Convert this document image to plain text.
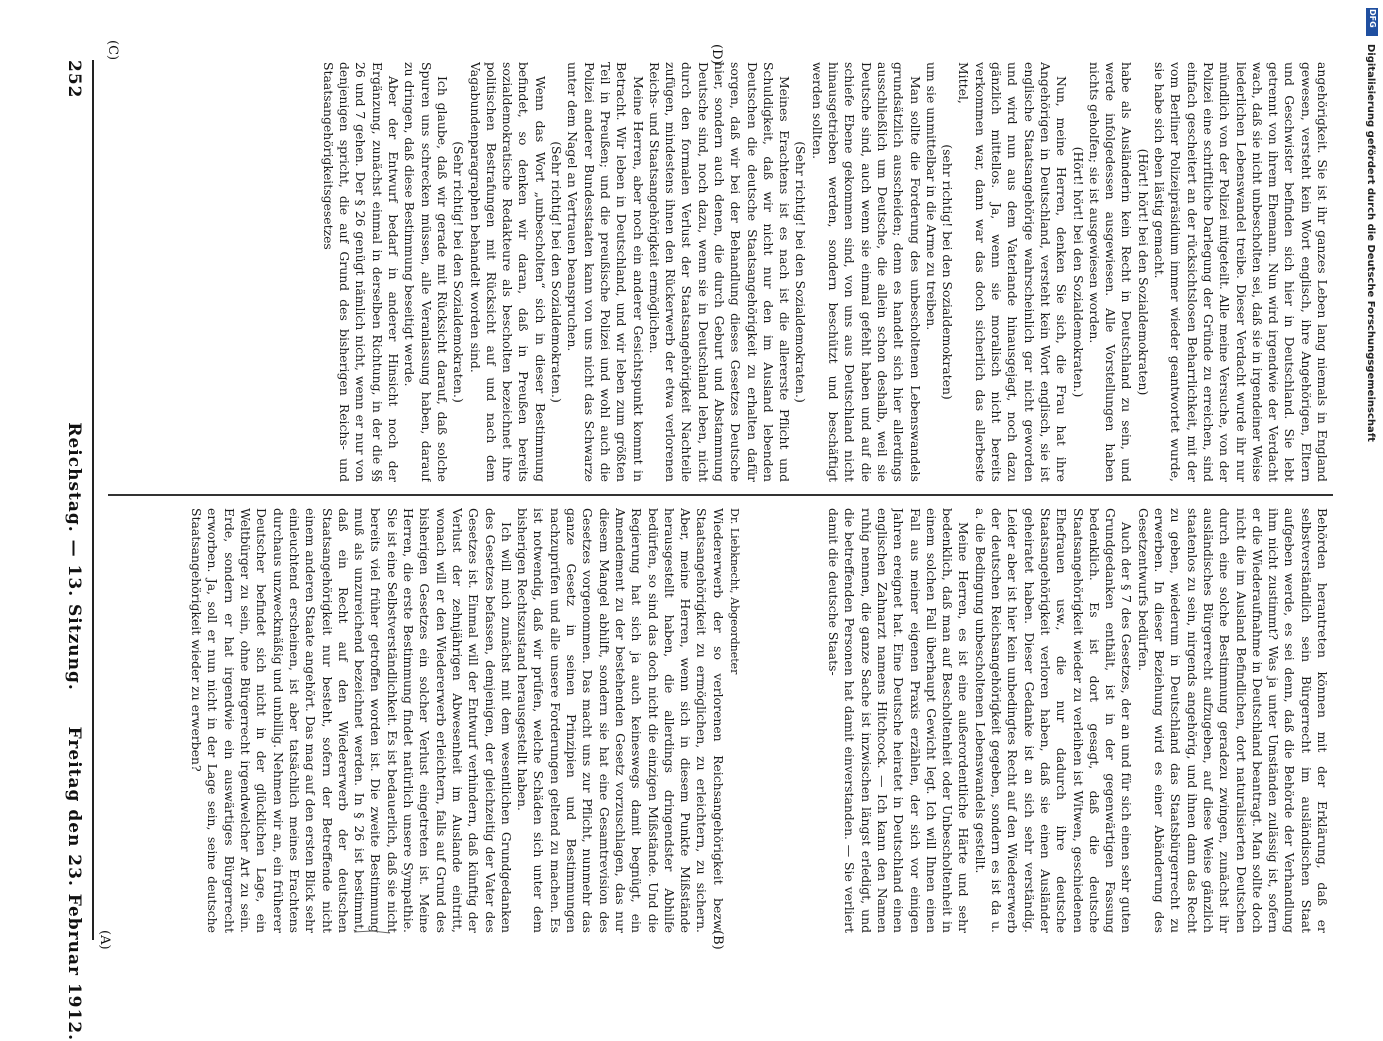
252  Reichstag. — 13. Sitzung.  Freitag den 23. Februar 1912. (A)	(B)
(C)	(D)

Dr. Liebknecht, Abgeordneter

Wiedererwerb der so verlorenen Reichsangehörigkeit bezw. Staatsangehörigkeit zu ermöglichen, zu erleichtern, zu sichern. Aber, meine Herren, wenn sich in diesem Punkte Mißstände herausgestellt haben, die allerdings dringendster Abhilfe bedürfen, so sind das doch nicht die einzigen Mißstände. Und die Regierung hat sich ja auch keineswegs damit begnügt, ein Amendement zu der bestehenden Gesetz vorzuschlagen, das nur diesem Mangel abhilft, sondern sie hat eine Gesamtrevision des Gesetzes vorgenommen. Das macht uns zur Pflicht, nunmehr das ganze Gesetz in seinen Prinzipien und Bestimmungen nachzuprüfen und alle unsere Forderungen geltend zu machen. Es ist notwendig, daß wir prüfen, welche Schäden sich unter dem bisherigen Rechtszustand herausgestellt haben.

Ich will mich zunächst mit dem wesentlichen Grundgedanken des Gesetzes befassen, demjenigen, der gleichzeitig der Vater des Gesetzes ist. Einmal will der Entwurf verhindern, daß künftig der Verlust der zehnjährigen Abwesenheit im Auslande eintritt, wonach will er den Wiedererwerb erleichtern, falls auf Grund des bisherigen Gesetzes ein solcher Verlust eingetreten ist. Meine Herren, die erste Bestimmung findet natürlich unsere Sympathie. Sie ist eine Selbstverständlichkeit. Es ist bedauerlich, daß sie nicht bereits viel früher getroffen worden ist. Die zweite Bestimmung muß als unzureichend bezeichnet werden. In § 26 ist bestimmt, daß ein Recht auf den Wiedererwerb der deutschen Staatsangehörigkeit nur besteht, sofern der Betreffende nicht einem anderen Staate angehört. Das mag auf den ersten Blick sehr einleuchtend erscheinen, ist aber tatsächlich meines Erachtens durchaus unzweckmäßig und unbillig. Nehmen wir an, ein früherer Deutscher befindet sich nicht in der glücklichen Lage, ein Weltbürger zu sein, ohne Bürgerrecht irgendwelcher Art zu sein. Erde, sondern er hat irgendwie ein auswärtiges Bürgerrecht erworben. Ja, soll er nun nicht in der Lage sein, seine deutsche Staatsangehörigkeit wieder zu erwerben?	Behörden herantreten können mit der Erklärung, daß er selbstverständlich sein Bürgerrecht im ausländischen Staat aufgeben werde, es sei denn, daß die Behörde der Verhandlung ihm nicht zustimmt? Was ja unter Umständen zulässig ist, sofern er die Wiederaufnahme in Deutschland beantragt. Man sollte doch nicht die im Ausland Befindlichen, dort naturalisierten Deutschen durch eine solche Bestimmung geradezu zwingen, zunächst ihr ausländisches Bürgerrecht aufzugeben, auf diese Weise gänzlich staatenlos zu sein, nirgends angehörig, und ihnen dann das Recht zu geben, wiederum in Deutschland das Staatsbürgerrecht zu erwerben. In dieser Beziehung wird es einer Abänderung des Gesetzentwurfs bedürfen.

Auch der § 7 des Gesetzes, der an und für sich einen sehr guten Grundgedanken enthält, ist in der gegenwärtigen Fassung bedenklich. Es ist dort gesagt, daß die deutsche Staatsangehörigkeit wieder zu verleihen ist Witwen, geschiedenen Ehefrauen usw., die nur dadurch ihre deutsche Staatsangehörigkeit verloren haben, daß sie einen Ausländer geheiratet haben. Dieser Gedanke ist an sich sehr verständig. Leider aber ist hier kein unbedingtes Recht auf den Wiedererwerb der deutschen Reichsangehörigkeit gegeben, sondern es ist da u. a. die Bedingung unbescholtenen Lebenswandels gestellt.

Meine Herren, es ist eine außerordentliche Härte und sehr bedenklich, daß man auf Bescholtenheit oder Unbescholtenheit in einem solchen Fall überhaupt Gewicht legt. Ich will Ihnen einen Fall aus meiner eigenen Praxis erzählen, der sich vor einigen Jahren ereignet hat. Eine Deutsche heiratet in Deutschland einen englischen Zahnarzt namens Hitchcock. — Ich kann den Namen ruhig nennen, die ganze Sache ist inzwischen längst erledigt, und die betreffenden Personen hat damit einverstanden. — Sie verliert damit die deutsche Staats-

angehörigkeit. Sie ist ihr ganzes Leben lang niemals in England gewesen, versteht kein Wort englisch, ihre Angehörigen, Eltern und Geschwister befinden sich hier in Deutschland. Sie lebt getrennt von ihrem Ehemann. Nun wird irgendwie der Verdacht wach, daß sie nicht unbescholten sei, daß sie in irgendeiner Weise liederlichen Lebenswandel treibe. Dieser Verdacht wurde ihr nur mündlich von der Polizei mitgeteilt. Alle meine Versuche, von der Polizei eine schriftliche Darlegung der Gründe zu erreichen, sind einfach gescheitert an der rücksichtslosen Beharrlichkeit, mit der vom Berliner Polizeipräsidium immer wieder geantwortet wurde, sie habe sich eben lästig gemacht.

(Hört! hört! bei den Sozialdemokraten)

habe als Ausländerin kein Recht in Deutschland zu sein, und werde infolgedessen ausgewiesen. Alle Vorstellungen haben nichts geholfen; sie ist ausgewiesen worden.

(Hört! hört! bei den Sozialdemokraten.)

Nun, meine Herren, denken Sie sich, die Frau hat ihre Angehörigen in Deutschland, versteht kein Wort englisch, sie ist englische Staatsangehörige wahrscheinlich gar nicht geworden und wird nun aus dem Vaterlande hinausgejagt, noch dazu gänzlich mittellos. Ja, wenn sie moralisch nicht bereits verkommen war, dann war das doch sicherlich das allerbeste Mittel,

(sehr richtig! bei den Sozialdemokraten)

um sie unmittelbar in die Arme zu treiben.

Man sollte die Forderung des unbescholtenen Lebenswandels grundsätzlich ausscheiden; denn es handelt sich hier allerdings ausschließlich um Deutsche, die allein schon deshalb, weil sie Deutsche sind, auch wenn sie einmal gefehlt haben und auf die schiefe Ebene gekommen sind, von uns aus Deutschland nicht hinausgetrieben werden, sondern beschützt und beschäftigt werden sollten.

(Sehr richtig! bei den Sozialdemokraten.)

Meines Erachtens ist es nach ist die allererste Pflicht und Schuldigkeit, daß wir nicht nur den im Ausland lebenden Deutschen die deutsche Staatsangehörigkeit zu erhalten dafür sorgen, daß wir bei der Behandlung dieses Gesetzes Deutsche hier, sondern auch denen, die durch Geburt und Abstammung Deutsche sind, noch dazu, wenn sie in Deutschland leben, nicht durch den formalen Verlust der Staatsangehörigkeit Nachteile zufügen, mindestens ihnen den Rückerwerb der etwa verlorenen Reichs- und Staatsangehörigkeit ermöglichen.

Meine Herren, aber noch ein anderer Gesichtspunkt kommt in Betracht. Wir leben in Deutschland, und wir leben zum größten Teil in Preußen; und die preußische Polizei und wohl auch die Polizei anderer Bundesstaaten kann von uns nicht das Schwarze unter dem Nagel an Vertrauen beanspruchen.

(Sehr richtig! bei den Sozialdemokraten.)

Wenn das Wort „unbescholten“ sich in dieser Bestimmung befindet, so denken wir daran, daß in Preußen bereits sozialdemokratische Redakteure als bescholten bezeichnet ihre politischen Bestrafungen mit Rücksicht auf und nach dem Vagabundenparagraphen behandelt worden sind.

(Sehr richtig! bei den Sozialdemokraten.)

Ich glaube, daß wir gerade mit Rücksicht darauf, daß solche Spuren uns schrecken müssen, alle Veranlassung haben, darauf zu dringen, daß diese Bestimmung beseitigt werde.

Aber der Entwurf bedarf in anderer Hinsicht noch der Ergänzung, zunächst einmal in derselben Richtung, in der die §§ 26 und 7 gehen. Der § 26 genügt nämlich nicht, wenn er nur von denjenigen spricht, die auf Grund des bisherigen Reichs- und Staatsangehörigkeitsgesetzes

DFG
Digitalisierung gefördert durch die Deutsche Forschungsgemeinschaft
